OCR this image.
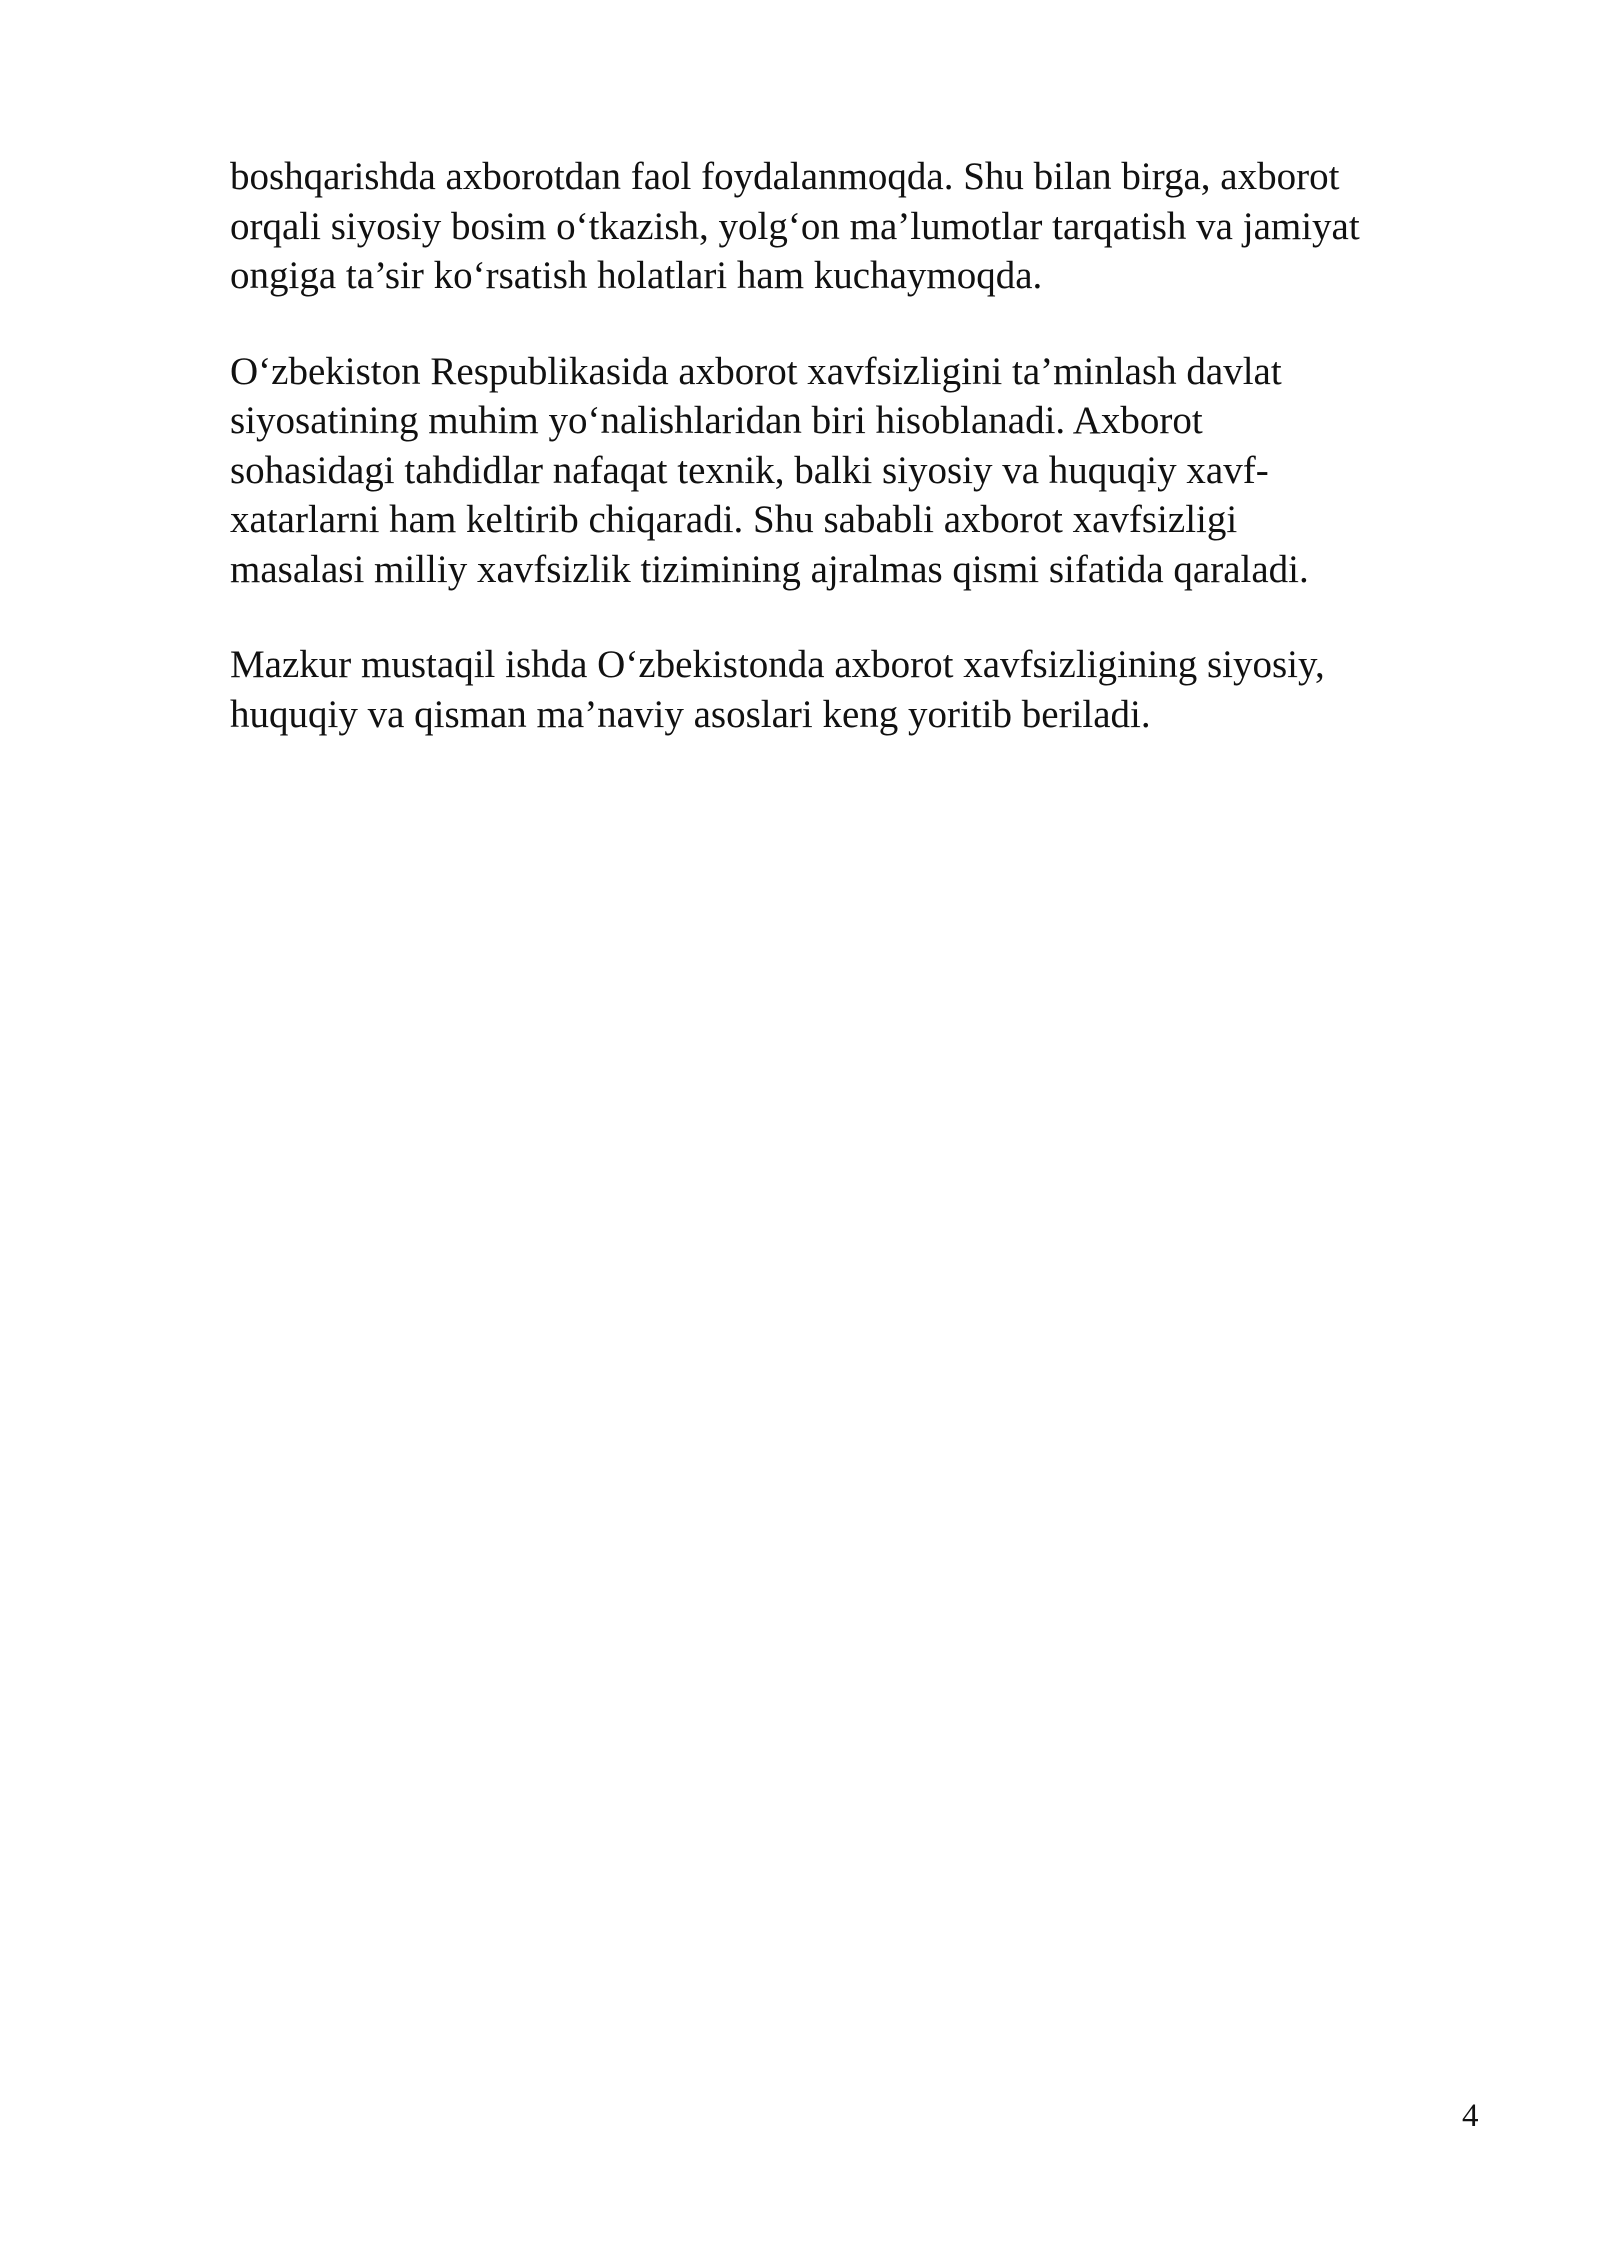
boshqarishda axborotdan faol foydalanmoqda. Shu bilan birga, axborot
orqali siyosiy bosim o‘tkazish, yolg‘on ma’lumotlar tarqatish va jamiyat
ongiga ta’sir ko‘rsatish holatlari ham kuchaymoqda.

O‘zbekiston Respublikasida axborot xavfsizligini ta’minlash davlat
siyosatining muhim yo‘nalishlaridan biri hisoblanadi. Axborot
sohasidagi tahdidlar nafaqat texnik, balki siyosiy va huquqiy xavf-
xatarlarni ham keltirib chiqaradi. Shu sababli axborot xavfsizligi
masalasi milliy xavfsizlik tizimining ajralmas qismi sifatida qaraladi.

Mazkur mustaqil ishda O‘zbekistonda axborot xavfsizligining siyosiy,
huquqiy va qisman ma’naviy asoslari keng yoritib beriladi.

4
